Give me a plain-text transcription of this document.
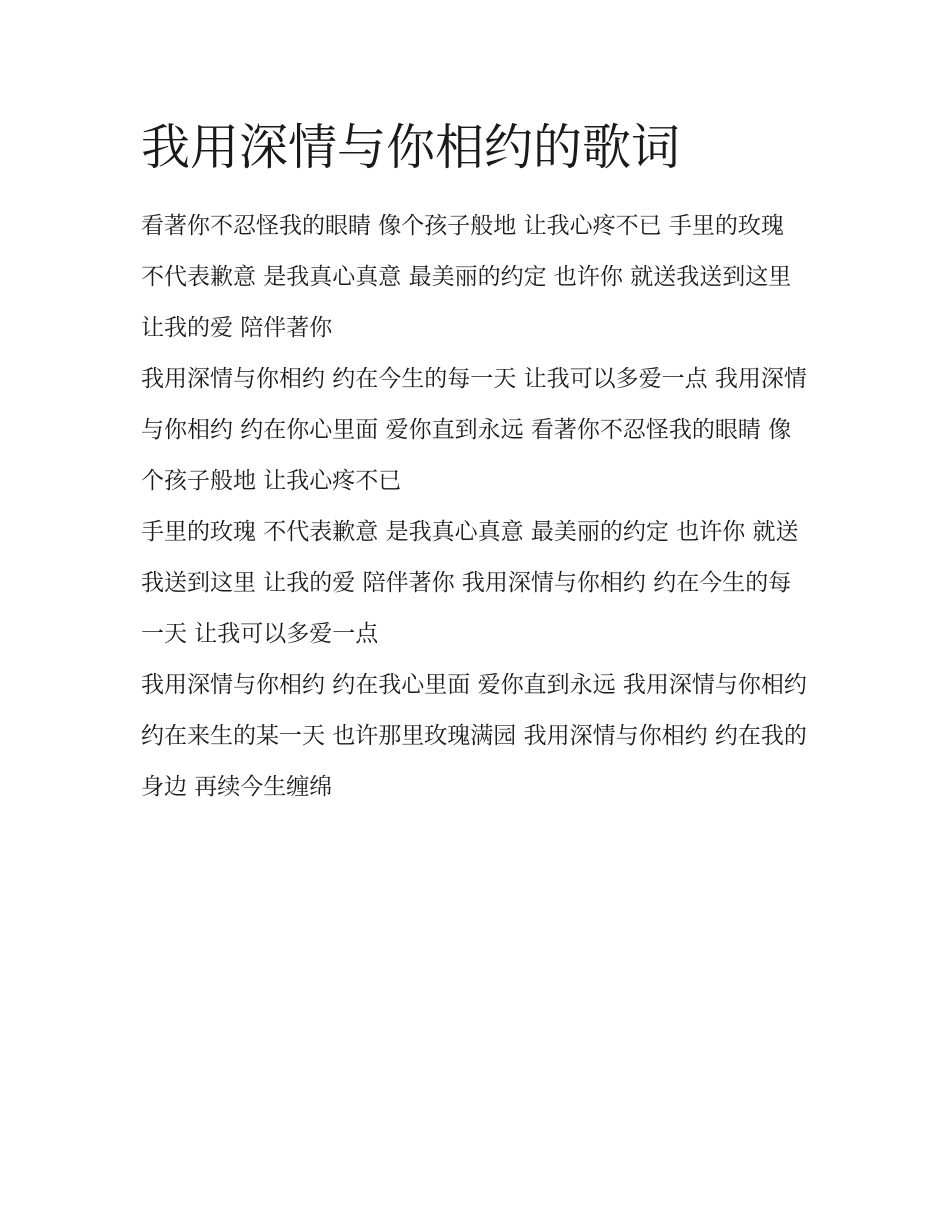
我用深情与你相约的歌词

看著你不忍怪我的眼睛 像个孩子般地 让我心疼不已 手里的玫瑰 不代表歉意 是我真心真意 最美丽的约定 也许你 就送我送到这里 让我的爱 陪伴著你

我用深情与你相约 约在今生的每一天 让我可以多爱一点 我用深情与你相约 约在你心里面 爱你直到永远 看著你不忍怪我的眼睛 像个孩子般地 让我心疼不已

手里的玫瑰 不代表歉意 是我真心真意 最美丽的约定 也许你 就送我送到这里 让我的爱 陪伴著你 我用深情与你相约 约在今生的每一天 让我可以多爱一点

我用深情与你相约 约在我心里面 爱你直到永远 我用深情与你相约 约在来生的某一天 也许那里玫瑰满园 我用深情与你相约 约在我的身边 再续今生缠绵
